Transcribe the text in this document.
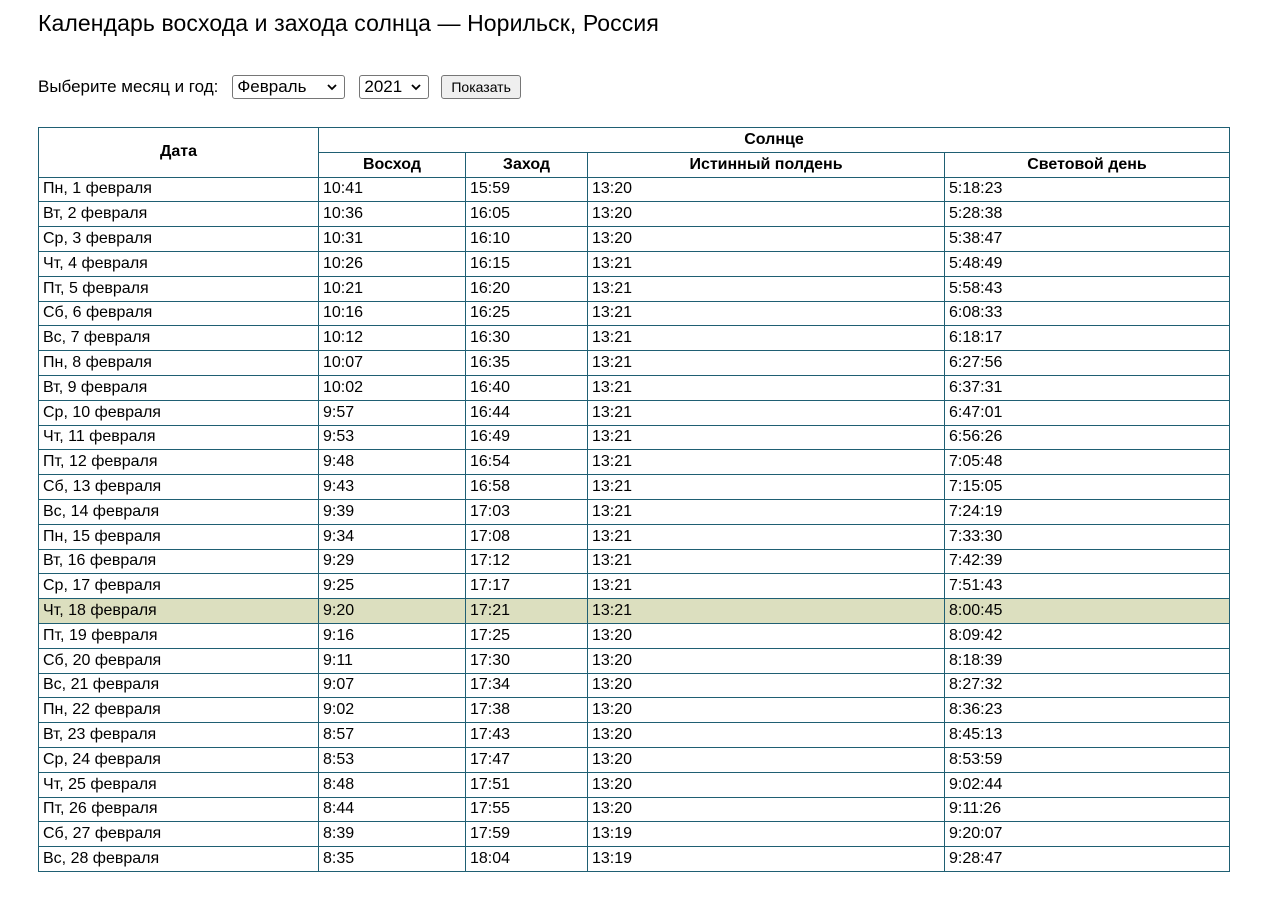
Календарь восхода и захода солнца — Норильск, Россия
Выберите месяц и год: Февраль	2021	Показать
Дата	Солнце			
	Восход	Заход	Истинный полдень	Световой день
Пн, 1 февраля	10:41	15:59	13:20	5:18:23
Вт, 2 февраля	10:36	16:05	13:20	5:28:38
Ср, 3 февраля	10:31	16:10	13:20	5:38:47
Чт, 4 февраля	10:26	16:15	13:21	5:48:49
Пт, 5 февраля	10:21	16:20	13:21	5:58:43
Сб, 6 февраля	10:16	16:25	13:21	6:08:33
Вс, 7 февраля	10:12	16:30	13:21	6:18:17
Пн, 8 февраля	10:07	16:35	13:21	6:27:56
Вт, 9 февраля	10:02	16:40	13:21	6:37:31
Ср, 10 февраля	9:57	16:44	13:21	6:47:01
Чт, 11 февраля	9:53	16:49	13:21	6:56:26
Пт, 12 февраля	9:48	16:54	13:21	7:05:48
Сб, 13 февраля	9:43	16:58	13:21	7:15:05
Вс, 14 февраля	9:39	17:03	13:21	7:24:19
Пн, 15 февраля	9:34	17:08	13:21	7:33:30
Вт, 16 февраля	9:29	17:12	13:21	7:42:39
Ср, 17 февраля	9:25	17:17	13:21	7:51:43
Чт, 18 февраля	9:20	17:21	13:21	8:00:45
Пт, 19 февраля	9:16	17:25	13:20	8:09:42
Сб, 20 февраля	9:11	17:30	13:20	8:18:39
Вс, 21 февраля	9:07	17:34	13:20	8:27:32
Пн, 22 февраля	9:02	17:38	13:20	8:36:23
Вт, 23 февраля	8:57	17:43	13:20	8:45:13
Ср, 24 февраля	8:53	17:47	13:20	8:53:59
Чт, 25 февраля	8:48	17:51	13:20	9:02:44
Пт, 26 февраля	8:44	17:55	13:20	9:11:26
Сб, 27 февраля	8:39	17:59	13:19	9:20:07
Вс, 28 февраля	8:35	18:04	13:19	9:28:47
